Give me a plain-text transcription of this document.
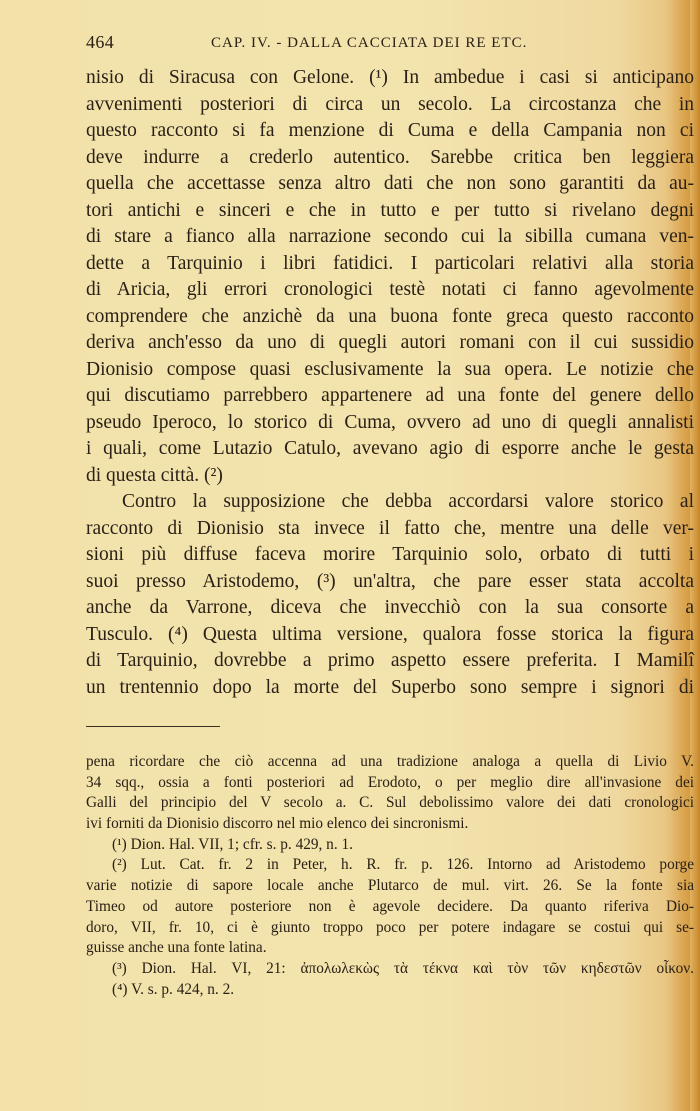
464	CAP. IV. - DALLA CACCIATA DEI RE ETC.
nisio di Siracusa con Gelone. (¹) In ambedue i casi si anticipano
avvenimenti posteriori di circa un secolo. La circostanza che in
questo racconto si fa menzione di Cuma e della Campania non ci
deve indurre a crederlo autentico. Sarebbe critica ben leggiera
quella che accettasse senza altro dati che non sono garantiti da au-
tori antichi e sinceri e che in tutto e per tutto si rivelano degni
di stare a fianco alla narrazione secondo cui la sibilla cumana ven-
dette a Tarquinio i libri fatidici. I particolari relativi alla storia
di Aricia, gli errori cronologici testè notati ci fanno agevolmente
comprendere che anzichè da una buona fonte greca questo racconto
deriva anch'esso da uno di quegli autori romani con il cui sussidio
Dionisio compose quasi esclusivamente la sua opera. Le notizie che
qui discutiamo parrebbero appartenere ad una fonte del genere dello
pseudo Iperoco, lo storico di Cuma, ovvero ad uno di quegli annalisti
i quali, come Lutazio Catulo, avevano agio di esporre anche le gesta
di questa città. (²)
Contro la supposizione che debba accordarsi valore storico al
racconto di Dionisio sta invece il fatto che, mentre una delle ver-
sioni più diffuse faceva morire Tarquinio solo, orbato di tutti i
suoi presso Aristodemo, (³) un'altra, che pare esser stata accolta
anche da Varrone, diceva che invecchiò con la sua consorte a
Tusculo. (⁴) Questa ultima versione, qualora fosse storica la figura
di Tarquinio, dovrebbe a primo aspetto essere preferita. I Mamilî
un trentennio dopo la morte del Superbo sono sempre i signori di
pena ricordare che ciò accenna ad una tradizione analoga a quella di Livio V.
34 sqq., ossia a fonti posteriori ad Erodoto, o per meglio dire all'invasione dei
Galli del principio del V secolo a. C. Sul debolissimo valore dei dati cronologici
ivi forniti da Dionisio discorro nel mio elenco dei sincronismi.
(¹) Dion. Hal. VII, 1; cfr. s. p. 429, n. 1.
(²) Lut. Cat. fr. 2 in Peter, h. R. fr. p. 126. Intorno ad Aristodemo porge
varie notizie di sapore locale anche Plutarco de mul. virt. 26. Se la fonte sia
Timeo od autore posteriore non è agevole decidere. Da quanto riferiva Dio-
doro, VII, fr. 10, ci è giunto troppo poco per potere indagare se costui qui se-
guisse anche una fonte latina.
(³) Dion. Hal. VI, 21: ἀπολωλεκὼς τὰ τέκνα καὶ τὸν τῶν κηδεστῶν οἶκον.
(⁴) V. s. p. 424, n. 2.
